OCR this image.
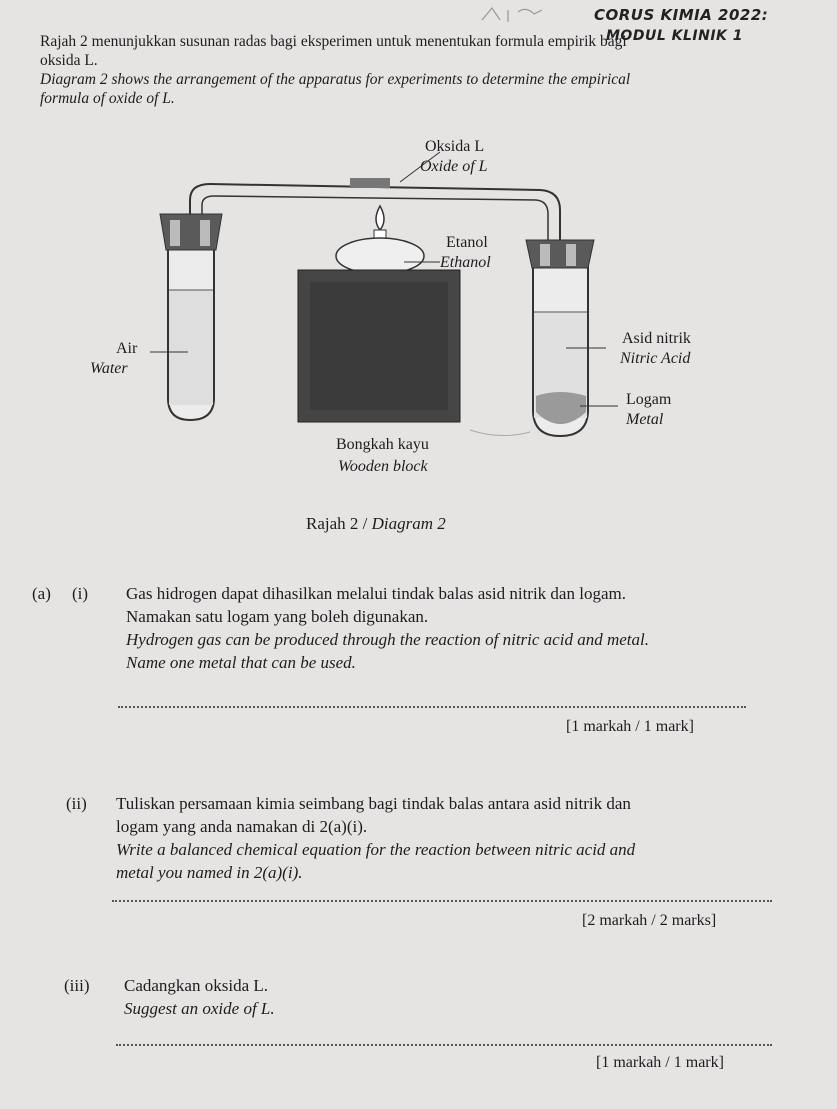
CORUS KIMIA 2022:
MODUL KLINIK 1
Rajah 2 menunjukkan susunan radas bagi eksperimen untuk menentukan formula empirik bagi
oksida L.
Diagram 2 shows the arrangement of the apparatus for experiments to determine the empirical
formula of oxide of L.
Oksida L
Oxide of L
Etanol
Ethanol
Air
Water
Asid nitrik
Nitric Acid
Logam
Metal
Bongkah kayu
Wooden block
Rajah 2 / Diagram 2
(a) (i) Gas hidrogen dapat dihasilkan melalui tindak balas asid nitrik dan logam.
Namakan satu logam yang boleh digunakan.
Hydrogen gas can be produced through the reaction of nitric acid and metal.
Name one metal that can be used.
[1 markah / 1 mark]
(ii) Tuliskan persamaan kimia seimbang bagi tindak balas antara asid nitrik dan
logam yang anda namakan di 2(a)(i).
Write a balanced chemical equation for the reaction between nitric acid and
metal you named in 2(a)(i).
[2 markah / 2 marks]
(iii) Cadangkan oksida L.
Suggest an oxide of L.
[1 markah / 1 mark]
